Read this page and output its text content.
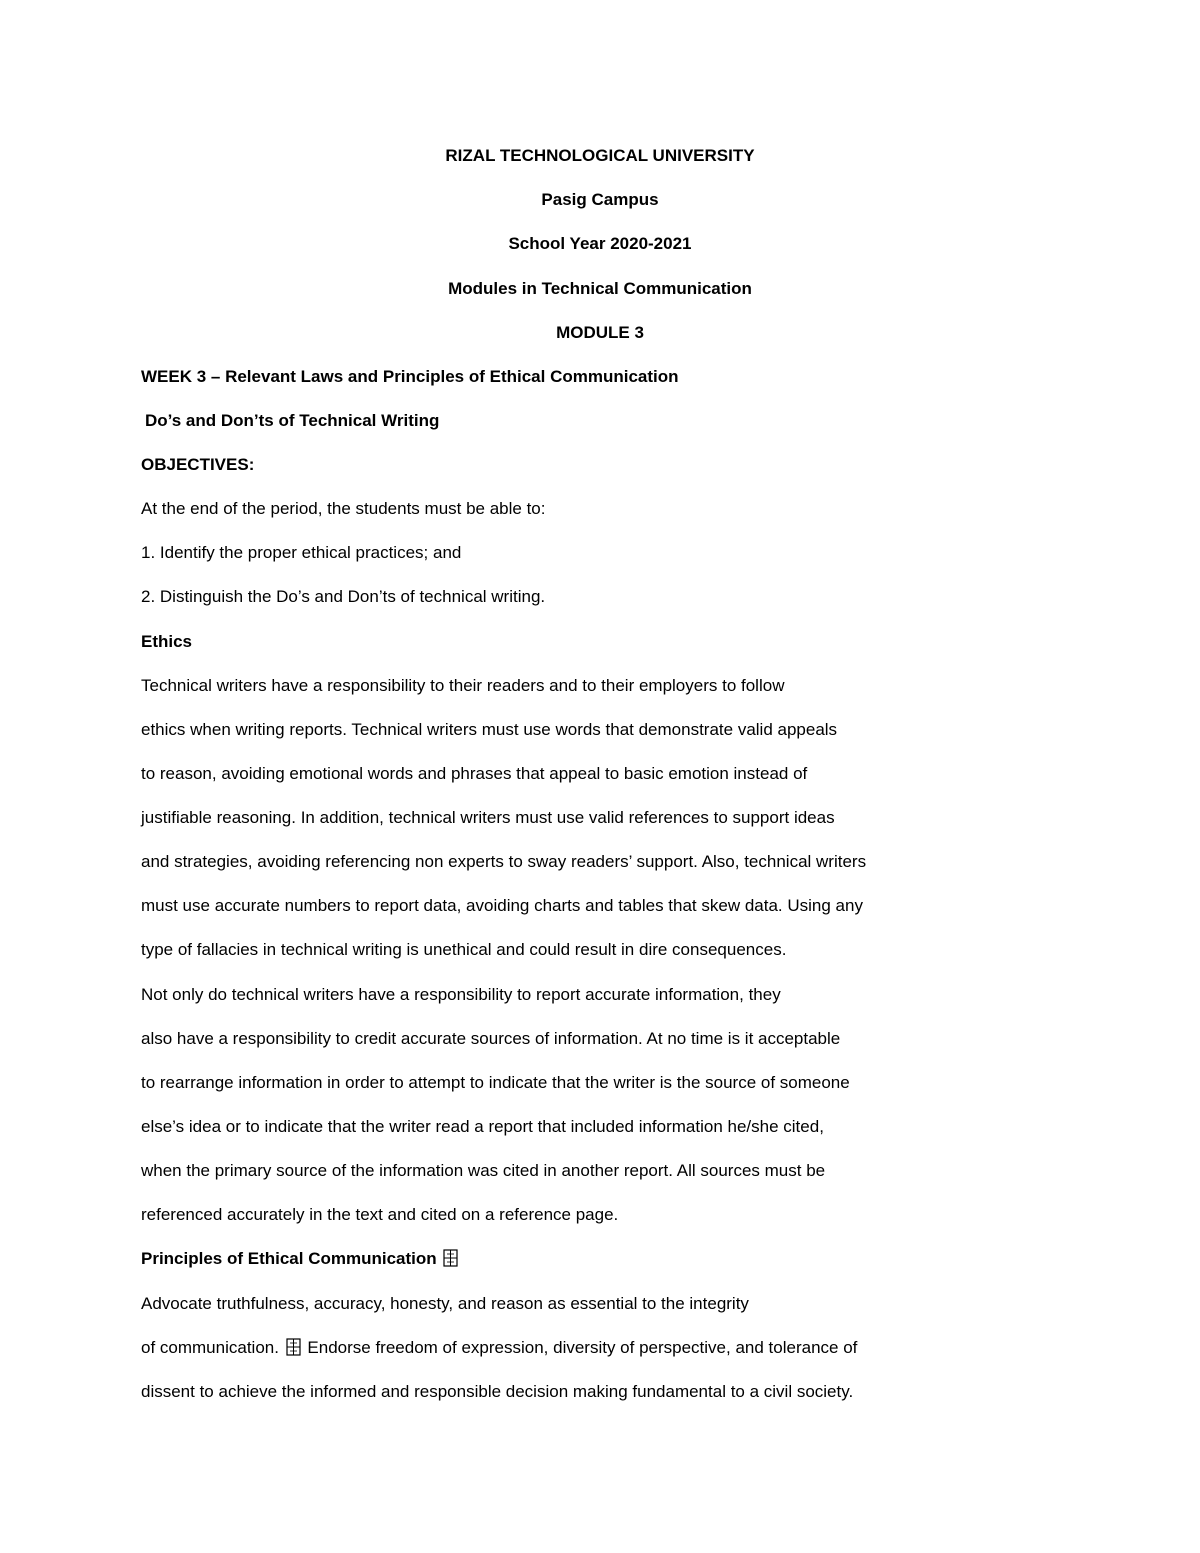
RIZAL TECHNOLOGICAL UNIVERSITY

Pasig Campus

School Year 2020-2021

Modules in Technical Communication

MODULE 3

WEEK 3 – Relevant Laws and Principles of Ethical Communication

Do’s and Don’ts of Technical Writing

OBJECTIVES:

At the end of the period, the students must be able to:

1. Identify the proper ethical practices; and

2. Distinguish the Do’s and Don’ts of technical writing.

Ethics

Technical writers have a responsibility to their readers and to their employers to follow

ethics when writing reports. Technical writers must use words that demonstrate valid appeals

to reason, avoiding emotional words and phrases that appeal to basic emotion instead of

justifiable reasoning. In addition, technical writers must use valid references to support ideas

and strategies, avoiding referencing non experts to sway readers’ support. Also, technical writers

must use accurate numbers to report data, avoiding charts and tables that skew data. Using any

type of fallacies in technical writing is unethical and could result in dire consequences.

Not only do technical writers have a responsibility to report accurate information, they

also have a responsibility to credit accurate sources of information. At no time is it acceptable

to rearrange information in order to attempt to indicate that the writer is the source of someone

else’s idea or to indicate that the writer read a report that included information he/she cited,

when the primary source of the information was cited in another report. All sources must be

referenced accurately in the text and cited on a reference page.

Principles of Ethical Communication

Advocate truthfulness, accuracy, honesty, and reason as essential to the integrity

of communication. Endorse freedom of expression, diversity of perspective, and tolerance of

dissent to achieve the informed and responsible decision making fundamental to a civil society.
